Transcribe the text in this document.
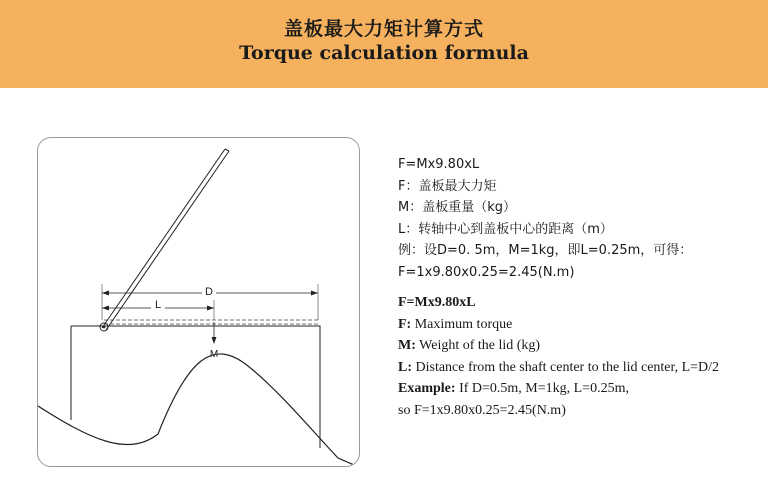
盖板最大力矩计算方式
Torque calculation formula
D
L
M
F=Mx9.80xL
F：盖板最大力矩
M：盖板重量（kg）
L：转轴中心到盖板中心的距离（m）
例：设D=0. 5m，M=1kg，即L=0.25m，可得：
F=1x9.80x0.25=2.45(N.m)
F=Mx9.80xL
F: Maximum torque
M: Weight of the lid (kg)
L: Distance from the shaft center to the lid center, L=D/2
Example: If D=0.5m, M=1kg, L=0.25m,
so F=1x9.80x0.25=2.45(N.m)
